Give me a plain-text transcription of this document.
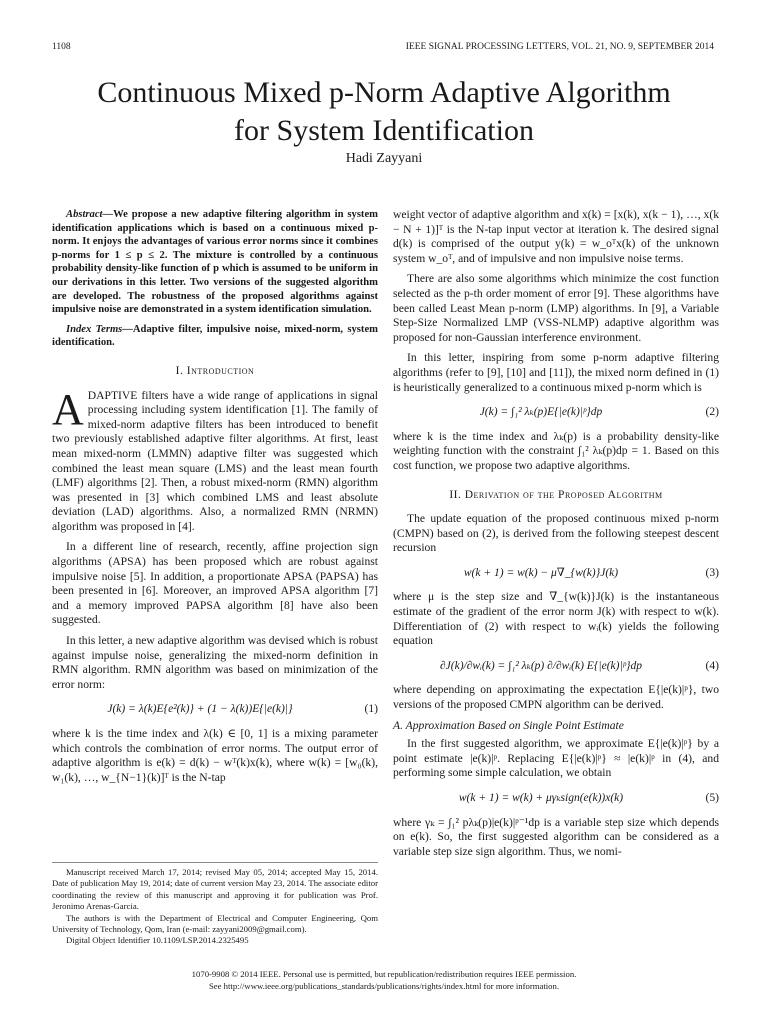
1108	IEEE SIGNAL PROCESSING LETTERS, VOL. 21, NO. 9, SEPTEMBER 2014
Continuous Mixed p-Norm Adaptive Algorithm
for System Identification
Hadi Zayyani

Abstract—We propose a new adaptive filtering algorithm in system identification applications which is based on a continuous mixed p-norm. It enjoys the advantages of various error norms since it combines p-norms for 1 ≤ p ≤ 2. The mixture is controlled by a continuous probability density-like function of p which is assumed to be uniform in our derivations in this letter. Two versions of the suggested algorithm are developed. The robustness of the proposed algorithms against impulsive noise are demonstrated in a system identification simulation.

Index Terms—Adaptive filter, impulsive noise, mixed-norm, system identification.

I. Introduction

ADAPTIVE filters have a wide range of applications in signal processing including system identification [1]. The family of mixed-norm adaptive filters has been introduced to benefit two previously established adaptive filter algorithms. At first, least mean mixed-norm (LMMN) adaptive filter was suggested which combined the least mean square (LMS) and the least mean fourth (LMF) algorithms [2]. Then, a robust mixed-norm (RMN) algorithm was presented in [3] which combined LMS and least absolute deviation (LAD) algorithms. Also, a normalized RMN (NRMN) algorithm was proposed in [4].

In a different line of research, recently, affine projection sign algorithms (APSA) has been proposed which are robust against impulsive noise [5]. In addition, a proportionate APSA (PAPSA) has been presented in [6]. Moreover, an improved APSA algorithm [7] and a memory improved PAPSA algorithm [8] have also been suggested.

In this letter, a new adaptive algorithm was devised which is robust against impulse noise, generalizing the mixed-norm definition in RMN algorithm. RMN algorithm was based on minimization of the error norm:

J(k) = λ(k)E{e²(k)} + (1 − λ(k))E{|e(k)|}	(1)

where k is the time index and λ(k) ∈ [0, 1] is a mixing parameter which controls the combination of error norms. The output error of adaptive algorithm is e(k) = d(k) − wᵀ(k)x(k), where w(k) = [w₀(k), w₁(k), …, w_{N−1}(k)]ᵀ is the N-tap

Manuscript received March 17, 2014; revised May 05, 2014; accepted May 15, 2014. Date of publication May 19, 2014; date of current version May 23, 2014. The associate editor coordinating the review of this manuscript and approving it for publication was Prof. Jeronimo Arenas-Garcia.

The authors is with the Department of Electrical and Computer Engineering, Qom University of Technology, Qom, Iran (e-mail: zayyani2009@gmail.com).

Digital Object Identifier 10.1109/LSP.2014.2325495

weight vector of adaptive algorithm and x(k) = [x(k), x(k − 1), …, x(k − N + 1)]ᵀ is the N-tap input vector at iteration k. The desired signal d(k) is comprised of the output y(k) = w_oᵀx(k) of the unknown system w_oᵀ, and of impulsive and non impulsive noise terms.

There are also some algorithms which minimize the cost function selected as the p-th order moment of error [9]. These algorithms have been called Least Mean p-norm (LMP) algorithms. In [9], a Variable Step-Size Normalized LMP (VSS-NLMP) adaptive algorithm was proposed for non-Gaussian interference environment.

In this letter, inspiring from some p-norm adaptive filtering algorithms (refer to [9], [10] and [11]), the mixed norm defined in (1) is heuristically generalized to a continuous mixed p-norm which is

J(k) = ∫₁² λₖ(p)E{|e(k)|ᵖ}dp	(2)

where k is the time index and λₖ(p) is a probability density-like weighting function with the constraint ∫₁² λₖ(p)dp = 1. Based on this cost function, we propose two adaptive algorithms.

II. Derivation of the Proposed Algorithm

The update equation of the proposed continuous mixed p-norm (CMPN) based on (2), is derived from the following steepest descent recursion

w(k + 1) = w(k) − μ∇_{w(k)}J(k)	(3)

where μ is the step size and ∇_{w(k)}J(k) is the instantaneous estimate of the gradient of the error norm J(k) with respect to w(k). Differentiation of (2) with respect to wᵢ(k) yields the following equation

∂J(k)/∂wᵢ(k) = ∫₁² λₖ(p) ∂/∂wᵢ(k) E{|e(k)|ᵖ}dp	(4)

where depending on approximating the expectation E{|e(k)|ᵖ}, two versions of the proposed CMPN algorithm can be derived.

A. Approximation Based on Single Point Estimate

In the first suggested algorithm, we approximate E{|e(k)|ᵖ} by a point estimate |e(k)|ᵖ. Replacing E{|e(k)|ᵖ} ≈ |e(k)|ᵖ in (4), and performing some simple calculation, we obtain

w(k + 1) = w(k) + μγₖsign(e(k))x(k)	(5)

where γₖ = ∫₁² pλₖ(p)|e(k)|ᵖ⁻¹dp is a variable step size which depends on e(k). So, the first suggested algorithm can be considered as a variable step size sign algorithm. Thus, we nomi-

1070-9908 © 2014 IEEE. Personal use is permitted, but republication/redistribution requires IEEE permission.
See http://www.ieee.org/publications_standards/publications/rights/index.html for more information.
